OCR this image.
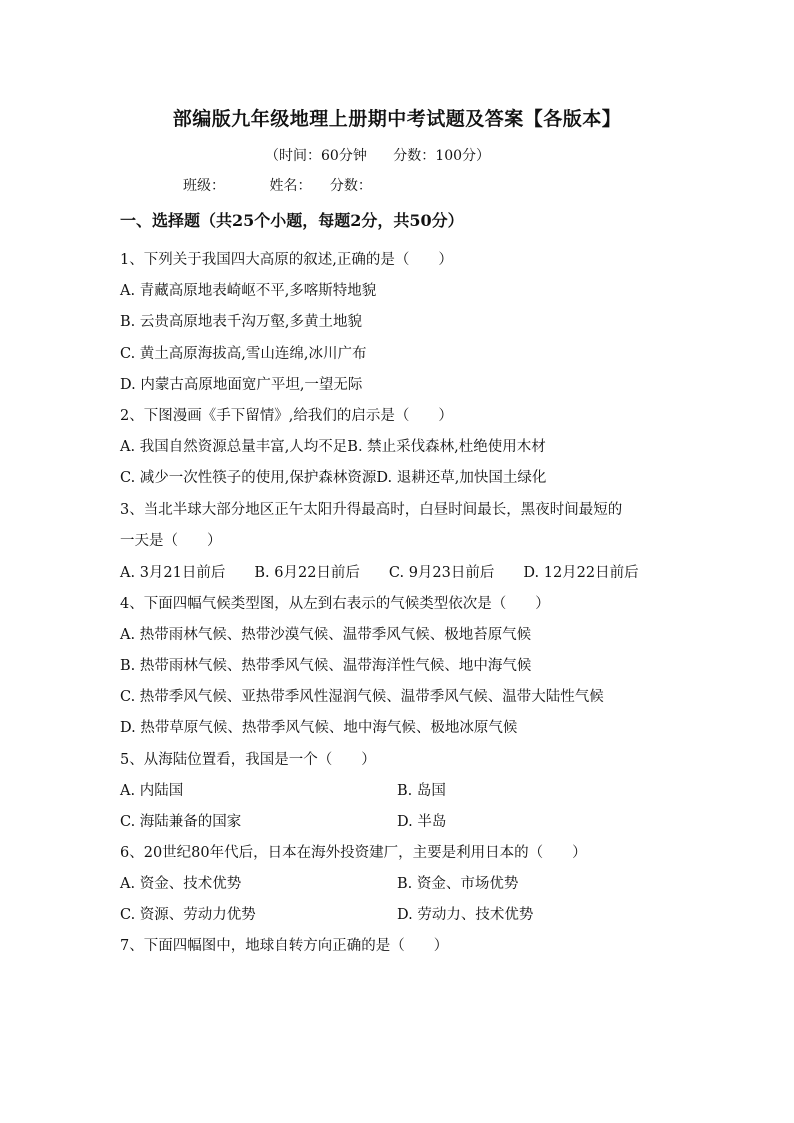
部编版九年级地理上册期中考试题及答案【各版本】
（时间：60分钟 分数：100分）
班级：	姓名： 分数：
一、选择题（共25个小题，每题2分，共50分）
1、下列关于我国四大高原的叙述,正确的是（　　）
A. 青藏高原地表崎岖不平,多喀斯特地貌
B. 云贵高原地表千沟万壑,多黄土地貌
C. 黄土高原海拔高,雪山连绵,冰川广布
D. 内蒙古高原地面宽广平坦,一望无际
2、下图漫画《手下留情》,给我们的启示是（　　）
A. 我国自然资源总量丰富,人均不足B. 禁止采伐森林,杜绝使用木材
C. 减少一次性筷子的使用,保护森林资源D. 退耕还草,加快国土绿化
3、当北半球大部分地区正午太阳升得最高时，白昼时间最长，黑夜时间最短的
一天是（　　）
A. 3月21日前后　　B. 6月22日前后　　C. 9月23日前后　　D. 12月22日前后
4、下面四幅气候类型图，从左到右表示的气候类型依次是（　　）
A. 热带雨林气候、热带沙漠气候、温带季风气候、极地苔原气候
B. 热带雨林气候、热带季风气候、温带海洋性气候、地中海气候
C. 热带季风气候、亚热带季风性湿润气候、温带季风气候、温带大陆性气候
D. 热带草原气候、热带季风气候、地中海气候、极地冰原气候
5、从海陆位置看，我国是一个（　　）
A. 内陆国	B. 岛国
C. 海陆兼备的国家	D. 半岛
6、20世纪80年代后，日本在海外投资建厂，主要是利用日本的（　　）
A. 资金、技术优势	B. 资金、市场优势
C. 资源、劳动力优势	D. 劳动力、技术优势
7、下面四幅图中，地球自转方向正确的是（　　）
